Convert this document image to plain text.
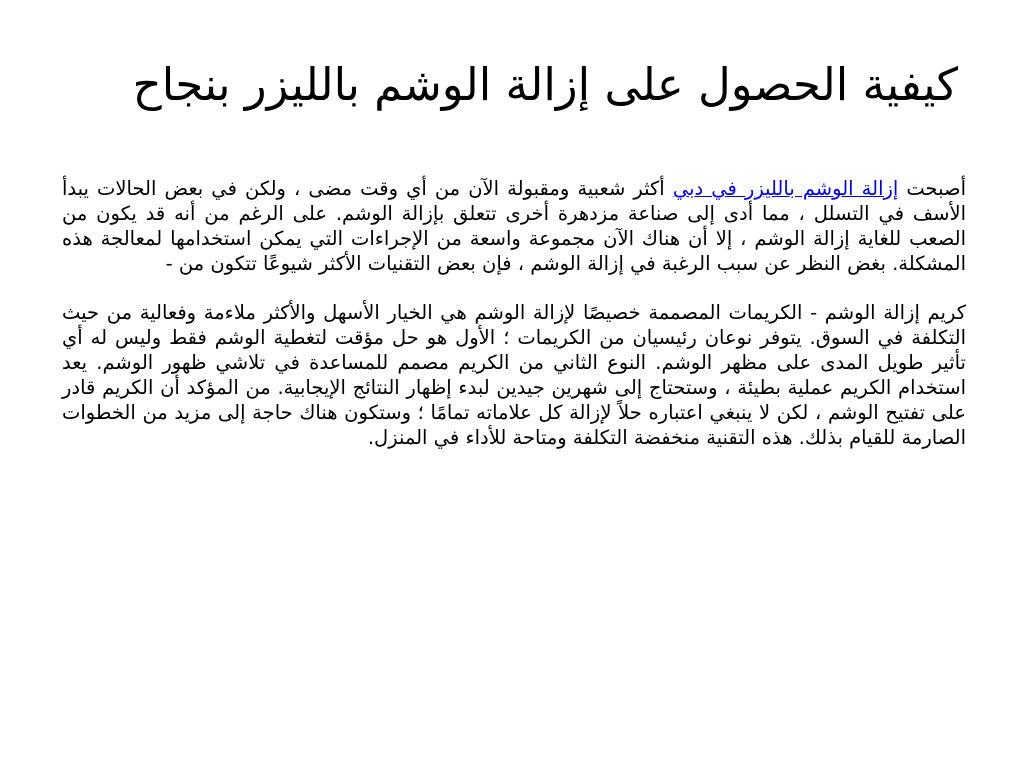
كيفية الحصول على إزالة الوشم بالليزر بنجاح

أصبحت إزالة الوشم بالليزر في دبي أكثر شعبية ومقبولة الآن من أي وقت مضى ، ولكن في بعض الحالات يبدأ الأسف في التسلل ، مما أدى إلى صناعة مزدهرة أخرى تتعلق بإزالة الوشم. على الرغم من أنه قد يكون من الصعب للغاية إزالة الوشم ، إلا أن هناك الآن مجموعة واسعة من الإجراءات التي يمكن استخدامها لمعالجة هذه المشكلة. بغض النظر عن سبب الرغبة في إزالة الوشم ، فإن بعض التقنيات الأكثر شيوعًا تتكون من -

كريم إزالة الوشم - الكريمات المصممة خصيصًا لإزالة الوشم هي الخيار الأسهل والأكثر ملاءمة وفعالية من حيث التكلفة في السوق. يتوفر نوعان رئيسيان من الكريمات ؛ الأول هو حل مؤقت لتغطية الوشم فقط وليس له أي تأثير طويل المدى على مظهر الوشم. النوع الثاني من الكريم مصمم للمساعدة في تلاشي ظهور الوشم. يعد استخدام الكريم عملية بطيئة ، وستحتاج إلى شهرين جيدين لبدء إظهار النتائج الإيجابية. من المؤكد أن الكريم قادر على تفتيح الوشم ، لكن لا ينبغي اعتباره حلاً لإزالة كل علاماته تمامًا ؛ وستكون هناك حاجة إلى مزيد من الخطوات الصارمة للقيام بذلك. هذه التقنية منخفضة التكلفة ومتاحة للأداء في المنزل.
